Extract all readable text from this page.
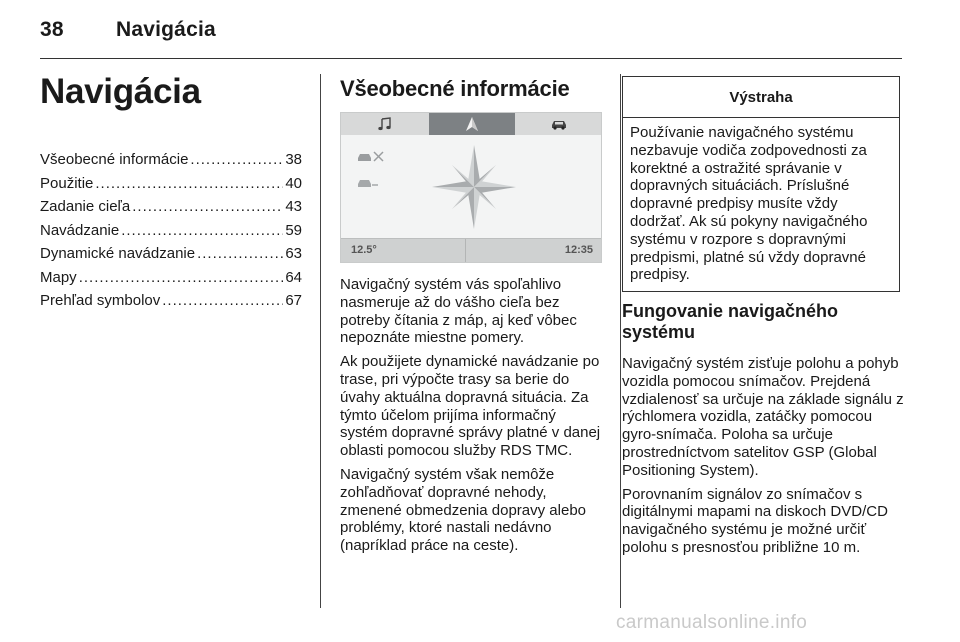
38 Navigácia
Navigácia
Všeobecné informácie .....	38
Použitie .....	40
Zadanie cieľa .....	43
Navádzanie .....	59
Dynamické navádzanie .....	63
Mapy .....	64
Prehľad symbolov .....	67
Všeobecné informácie
12.5°	12:35

Navigačný systém vás spoľahlivo nasmeruje až do vášho cieľa bez potreby čítania z máp, aj keď vôbec nepoznáte miestne pomery.

Ak použijete dynamické navádzanie po trase, pri výpočte trasy sa berie do úvahy aktuálna dopravná situácia. Za týmto účelom prijíma informačný systém dopravné správy platné v danej oblasti pomocou služby RDS TMC.

Navigačný systém však nemôže zohľadňovať dopravné nehody, zmenené obmedzenia dopravy alebo problémy, ktoré nastali nedávno (napríklad práce na ceste).

Výstraha
Používanie navigačného systému nezbavuje vodiča zodpovednosti za korektné a ostražité správanie v dopravných situáciách. Príslušné dopravné predpisy musíte vždy dodržať. Ak sú pokyny navigačného systému v rozpore s dopravnými predpismi, platné sú vždy dopravné predpisy.
Fungovanie navigačného systému

Navigačný systém zisťuje polohu a pohyb vozidla pomocou snímačov. Prejdená vzdialenosť sa určuje na základe signálu z rýchlomera vozidla, zatáčky pomocou gyro-snímača. Poloha sa určuje prostredníctvom satelitov GSP (Global Positioning System).

Porovnaním signálov zo snímačov s digitálnymi mapami na diskoch DVD/CD navigačného systému je možné určiť polohu s presnosťou približne 10 m.

carmanualsonline.info
